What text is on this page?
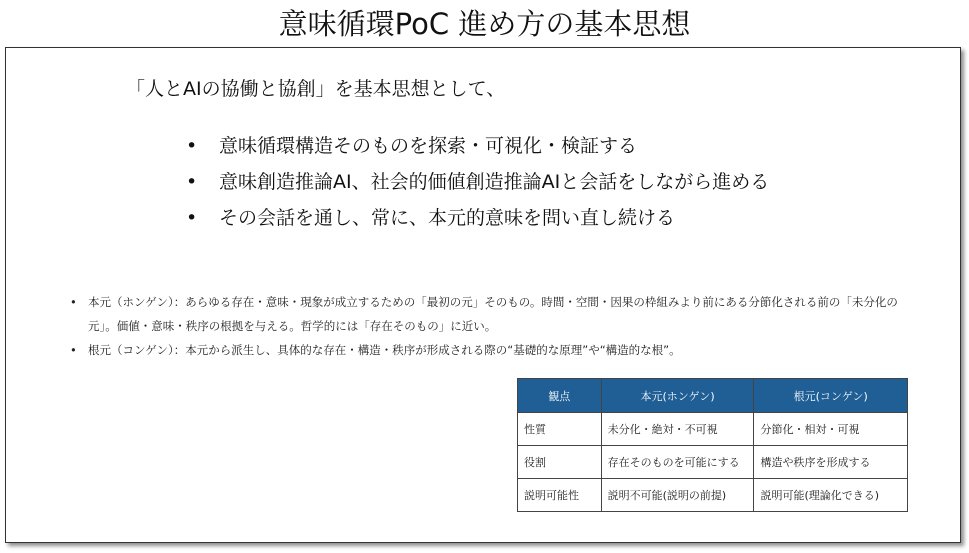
意味循環PoC 進め方の基本思想
「人とAIの協働と協創」を基本思想として、
• 意味循環構造そのものを探索・可視化・検証する
• 意味創造推論AI、社会的価値創造推論AIと会話をしながら進める
• その会話を通し、常に、本元的意味を問い直し続ける
• 本元（ホンゲン）：あらゆる存在・意味・現象が成立するための「最初の元」そのもの。時間・空間・因果の枠組みより前にある分節化される前の「未分化の元」。価値・意味・秩序の根拠を与える。哲学的には「存在そのもの」に近い。
• 根元（コンゲン）：本元から派生し、具体的な存在・構造・秩序が形成される際の“基礎的な原理”や“構造的な根”。
観点	本元(ホンゲン)	根元(コンゲン)
性質	未分化・絶対・不可視	分節化・相対・可視
役割	存在そのものを可能にする	構造や秩序を形成する
説明可能性	説明不可能(説明の前提)	説明可能(理論化できる)
